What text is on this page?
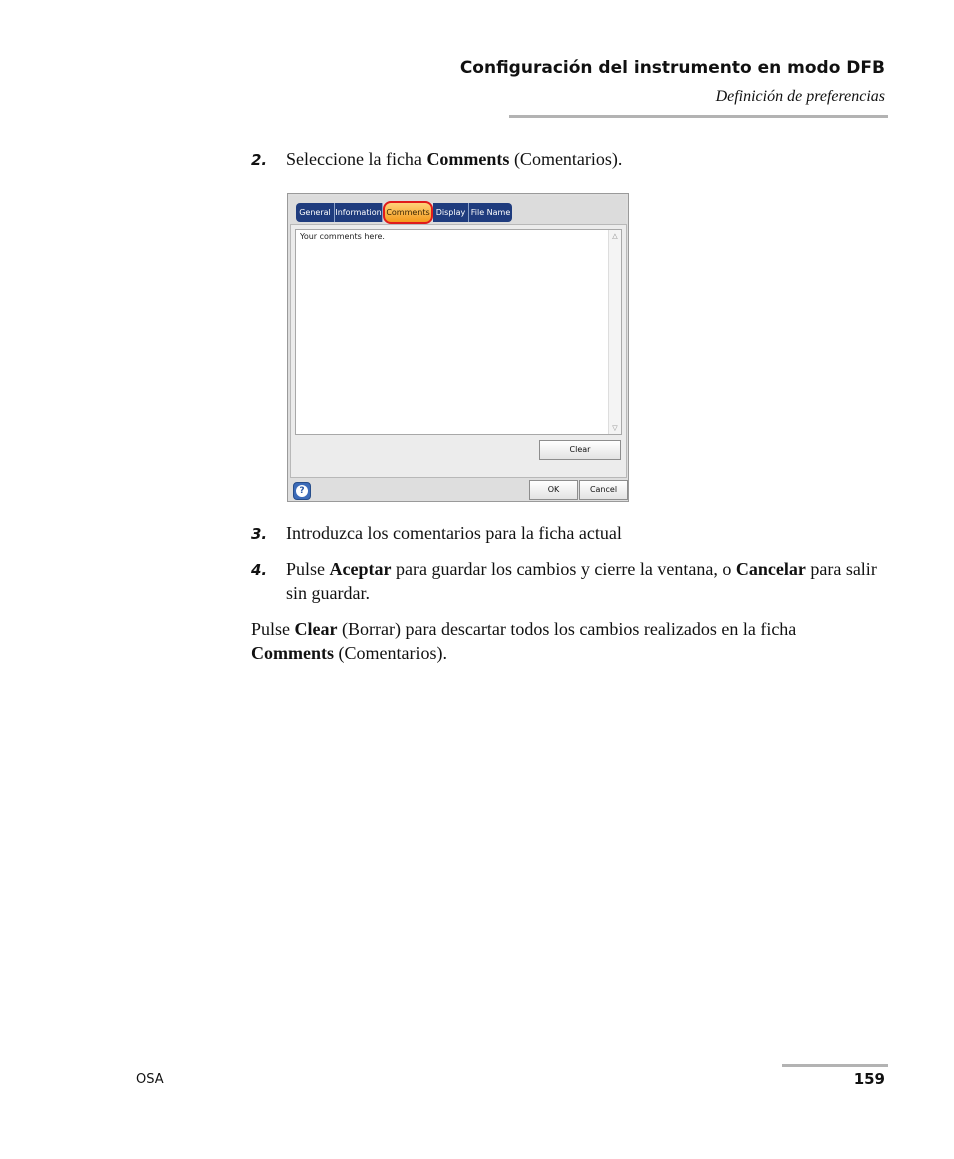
Configuración del instrumento en modo DFB
Definición de preferencias
2. Seleccione la ficha Comments (Comentarios).

General Information Comments Display File Name
Your comments here.	△
▽
Clear
?	OK	Cancel
3. Introduzca los comentarios para la ficha actual

4. Pulse Aceptar para guardar los cambios y cierre la ventana, o Cancelar para salir sin guardar.

Pulse Clear (Borrar) para descartar todos los cambios realizados en la ficha Comments (Comentarios).

OSA	159
